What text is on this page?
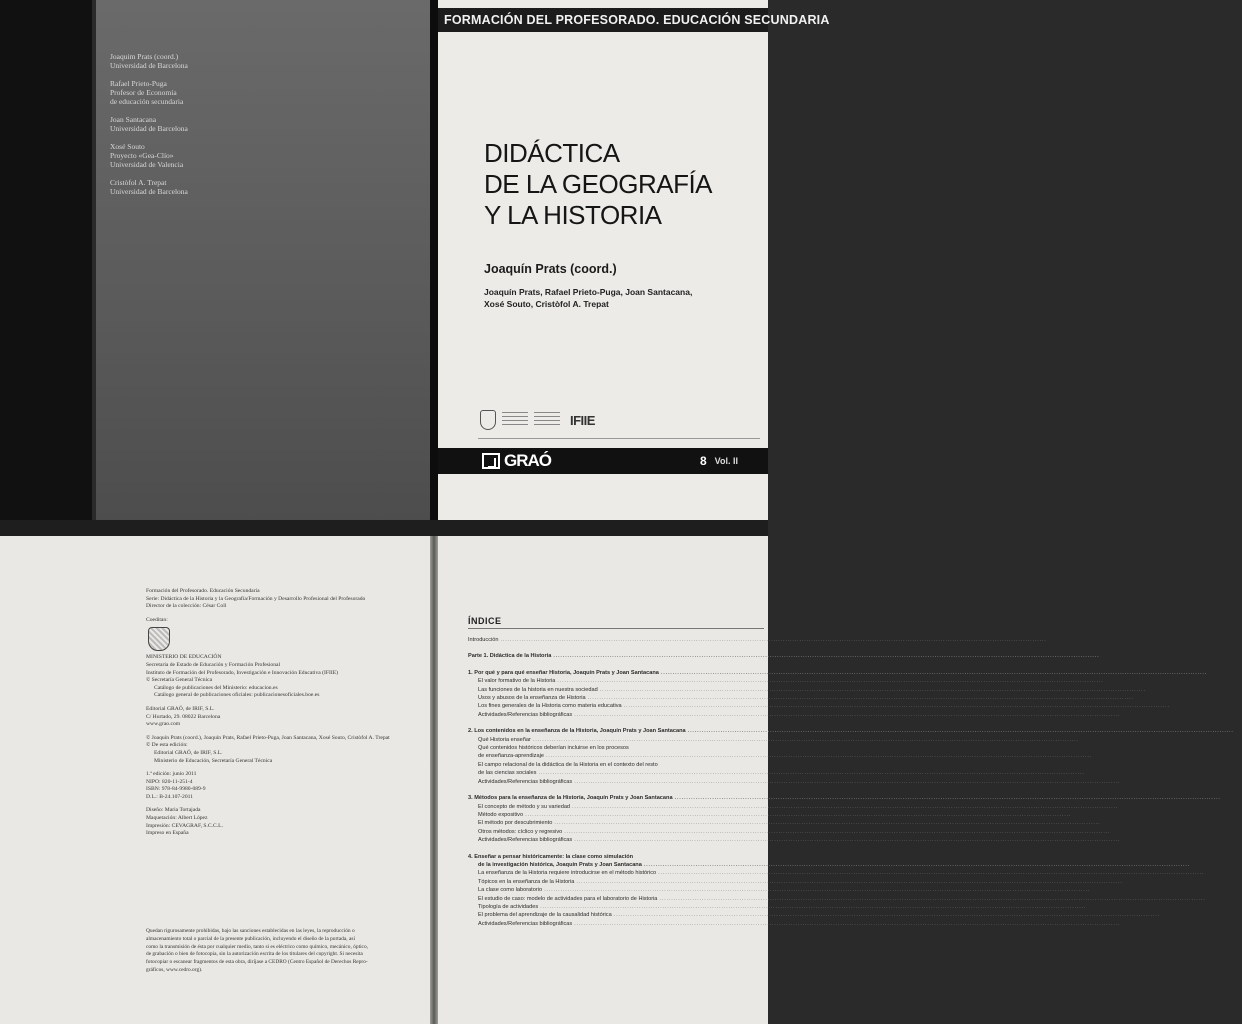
Joaquim Prats (coord.)
Universidad de Barcelona
Rafael Prieto-Puga
Profesor de Economía
de educación secundaria
Joan Santacana
Universidad de Barcelona
Xosé Souto
Proyecto «Gea-Clío»
Universidad de Valencia
Cristòfol A. Trepat
Universidad de Barcelona
FORMACIÓN DEL PROFESORADO. EDUCACIÓN SECUNDARIA
DIDÁCTICA
DE LA GEOGRAFÍA
Y LA HISTORIA
Joaquín Prats (coord.)
Joaquín Prats, Rafael Prieto-Puga, Joan Santacana,
Xosé Souto, Cristòfol A. Trepat
IFIIE
GRAÓ	8 Vol. II
Formación del Profesorado. Educación Secundaria
Serie: Didáctica de la Historia y la Geografía/Formación y Desarrollo Profesional del Profesorado
Director de la colección: César Coll
Coeditan:
MINISTERIO DE EDUCACIÓN
Secretaría de Estado de Educación y Formación Profesional
Instituto de Formación del Profesorado, Investigación e Innovación Educativa (IFIIE)
© Secretaría General Técnica
Catálogo de publicaciones del Ministerio: educacion.es
Catálogo general de publicaciones oficiales: publicacionesoficiales.boe.es
Editorial GRAÓ, de IRIF, S.L.
C/ Hurtado, 29. 08022 Barcelona
www.grao.com
© Joaquín Prats (coord.), Joaquín Prats, Rafael Prieto-Puga, Joan Santacana, Xosé Souto, Cristòfol A. Trepat
© De esta edición:
Editorial GRAÓ, de IRIF, S.L.
Ministerio de Educación, Secretaría General Técnica
1.ª edición: junio 2011
NIPO: 820-11-251-4
ISBN: 978-84-9980-089-9
D.L.: B-24.107-2011
Diseño: Maria Tortajada
Maquetación: Albert López
Impresión: CEVAGRAF, S.C.C.L.
Impreso en España
Quedan rigurosamente prohibidas, bajo las sanciones establecidas en las leyes, la reproducción o
almacenamiento total o parcial de la presente publicación, incluyendo el diseño de la portada, así
como la transmisión de ésta por cualquier medio, tanto si es eléctrico como químico, mecánico, óptico,
de grabación o bien de fotocopia, sin la autorización escrita de los titulares del copyright. Si necesita
fotocopiar o escanear fragmentos de esta obra, diríjase a CEDRO (Centro Español de Derechos Repro-
gráficos, www.cedro.org).
ÍNDICE
Introducción .....	7
Parte 1. Didáctica de la Historia .....	11
1. Por qué y para qué enseñar Historia, Joaquín Prats y Joan Santacana .....	13
El valor formativo de la Historia .....	13
Las funciones de la historia en nuestra sociedad .....	14
Usos y abusos de la enseñanza de Historia .....	18
Los fines generales de la Historia como materia educativa .....	20
Actividades/Referencias bibliográficas .....	27
2. Los contenidos en la enseñanza de la Historia, Joaquín Prats y Joan Santacana .....	31
Qué Historia enseñar .....	31
Qué contenidos históricos deberían incluirse en los procesos
de enseñanza-aprendizaje .....	37
El campo relacional de la didáctica de la Historia en el contexto del resto
de las ciencias sociales .....	44
Actividades/Referencias bibliográficas .....	46
3. Métodos para la enseñanza de la Historia, Joaquín Prats y Joan Santacana .....	51
El concepto de método y su variedad .....	51
Método expositivo .....	53
El método por descubrimiento .....	54
Otros métodos: cíclico y regresivo .....	60
Actividades/Referencias bibliográficas .....	64
4. Enseñar a pensar históricamente: la clase como simulación
de la investigación histórica, Joaquín Prats y Joan Santacana .....	67
La enseñanza de la Historia requiere introducirse en el método histórico .....	67
Tópicos en la enseñanza de la Historia .....	69
La clase como laboratorio .....	72
El estudio de caso: modelo de actividades para el laboratorio de Historia .....	73
Tipología de actividades .....	75
El problema del aprendizaje de la causalidad histórica .....	82
Actividades/Referencias bibliográficas .....	85
